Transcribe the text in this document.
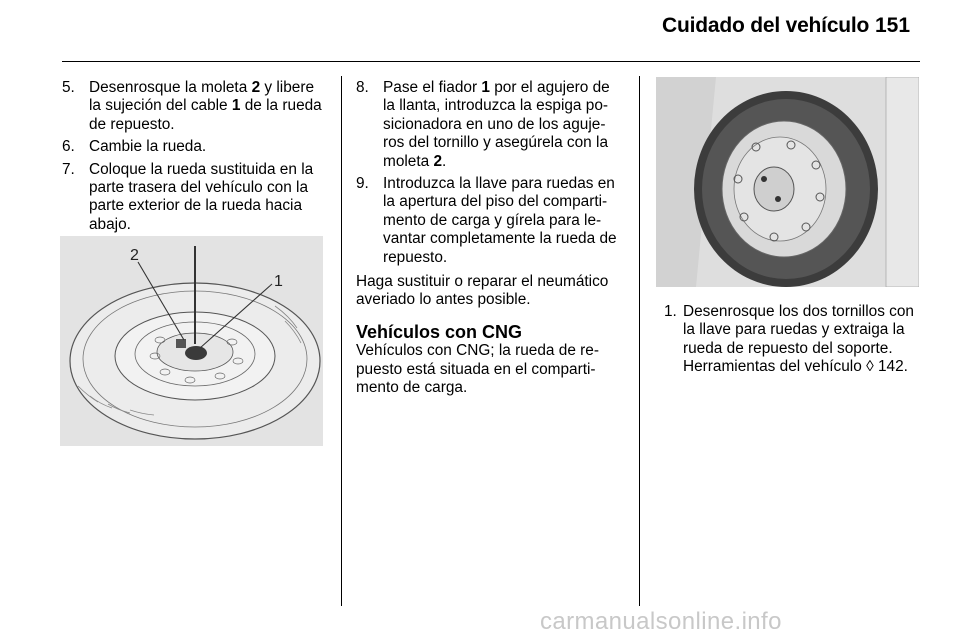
Cuidado del vehículo 151
5. Desenrosque la moleta 2 y libere la sujeción del cable 1 de la rueda de repuesto.
6. Cambie la rueda.
7. Coloque la rueda sustituida en la parte trasera del vehículo con la parte exterior de la rueda hacia abajo.
2
1
8. Pase el fiador 1 por el agujero de la llanta, introduzca la espiga po-sicionadora en uno de los aguje-ros del tornillo y asegúrela con la moleta 2.
9. Introduzca la llave para ruedas en la apertura del piso del comparti-mento de carga y gírela para le-vantar completamente la rueda de repuesto.

Haga sustituir o reparar el neumático averiado lo antes posible.

Vehículos con CNG

Vehículos con CNG; la rueda de re-puesto está situada en el comparti-mento de carga.

1. Desenrosque los dos tornillos con la llave para ruedas y extraiga la rueda de repuesto del soporte. Herramientas del vehículo ◊ 142.
carmanualsonline.info
